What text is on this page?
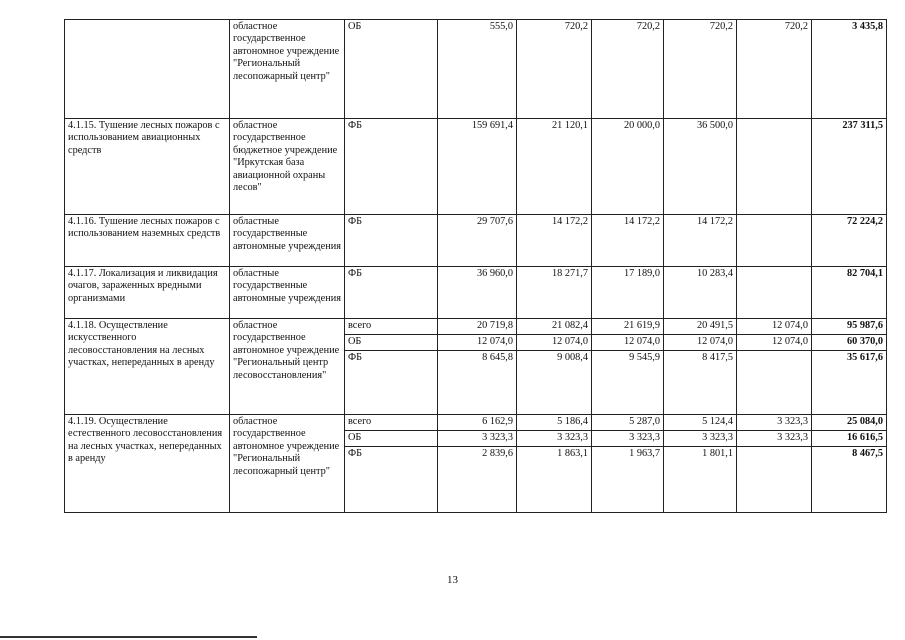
	областное государственное автономное учреждение "Региональный лесопожарный центр"	ОБ	555,0	720,2	720,2	720,2	720,2	3 435,8
4.1.15. Тушение лесных пожаров с использованием авиационных средств	областное государственное бюджетное учреждение "Иркутская база авиационной охраны лесов"	ФБ	159 691,4	21 120,1	20 000,0	36 500,0		237 311,5
4.1.16. Тушение лесных пожаров с использованием наземных средств	областные государственные автономные учреждения	ФБ	29 707,6	14 172,2	14 172,2	14 172,2		72 224,2
4.1.17. Локализация и ликвидация очагов, зараженных вредными организмами	областные государственные автономные учреждения	ФБ	36 960,0	18 271,7	17 189,0	10 283,4		82 704,1
4.1.18. Осуществление искусственного лесовосстановления на лесных участках, непереданных в аренду	областное государственное автономное учреждение "Региональный центр лесовосстановления"	всего	20 719,8	21 082,4	21 619,9	20 491,5	12 074,0	95 987,6
		ОБ	12 074,0	12 074,0	12 074,0	12 074,0	12 074,0	60 370,0
		ФБ	8 645,8	9 008,4	9 545,9	8 417,5		35 617,6
4.1.19. Осуществление естественного лесовосстановления на лесных участках, непереданных в аренду	областное государственное автономное учреждение "Региональный лесопожарный центр"	всего	6 162,9	5 186,4	5 287,0	5 124,4	3 323,3	25 084,0
		ОБ	3 323,3	3 323,3	3 323,3	3 323,3	3 323,3	16 616,5
		ФБ	2 839,6	1 863,1	1 963,7	1 801,1		8 467,5
13
